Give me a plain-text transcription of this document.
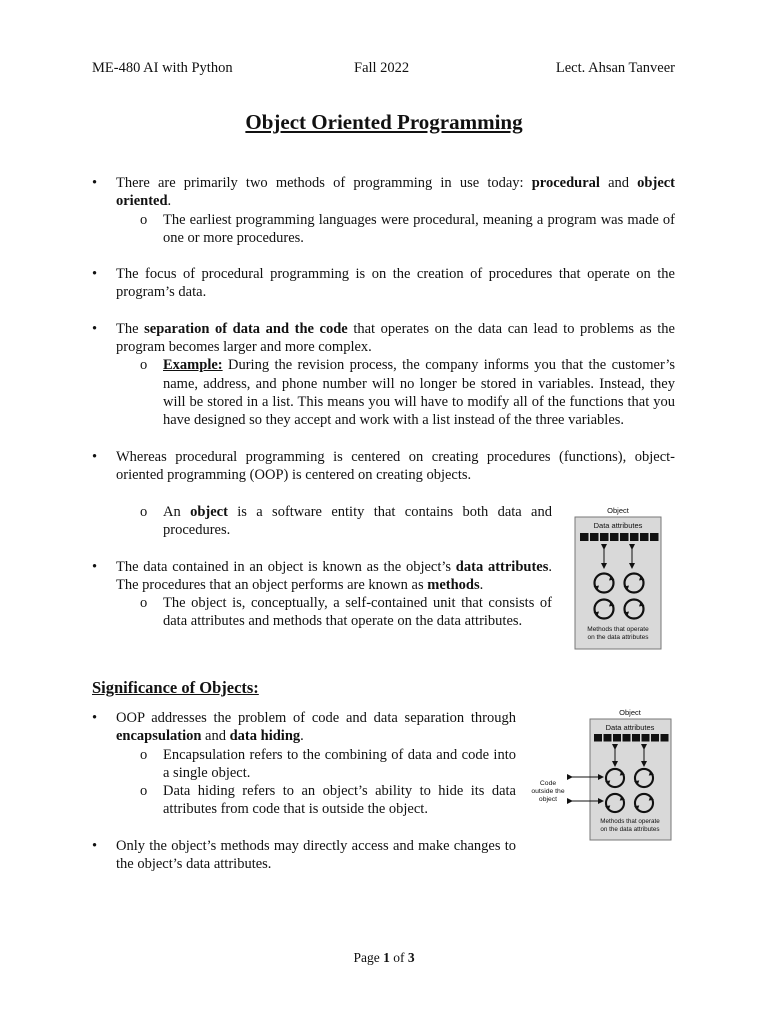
ME-480 AI with Python	Fall 2022	Lect. Ahsan Tanveer
Object Oriented Programming
• There are primarily two methods of programming in use today: procedural and object oriented.
o The earliest programming languages were procedural, meaning a program was made of one or more procedures.
• The focus of procedural programming is on the creation of procedures that operate on the program’s data.
• The separation of data and the code that operates on the data can lead to problems as the program becomes larger and more complex.
o Example: During the revision process, the company informs you that the customer’s name, address, and phone number will no longer be stored in variables. Instead, they will be stored in a list. This means you will have to modify all of the functions that you have designed so they accept and work with a list instead of the three variables.
• Whereas procedural programming is centered on creating procedures (functions), object-oriented programming (OOP) is centered on creating objects.
o An object is a software entity that contains both data and procedures.
• The data contained in an object is known as the object’s data attributes. The procedures that an object performs are known as methods.
o The object is, conceptually, a self-contained unit that consists of data attributes and methods that operate on the data attributes.
Object
Data attributes
Methods that operate
on the data attributes
Significance of Objects:
• OOP addresses the problem of code and data separation through encapsulation and data hiding.
o Encapsulation refers to the combining of data and code into a single object.
o Data hiding refers to an object’s ability to hide its data attributes from code that is outside the object.
• Only the object’s methods may directly access and make changes to the object’s data attributes.
Object
Data attributes
Methods that operate
on the data attributes
Code
outside the
object
Page 1 of 3
